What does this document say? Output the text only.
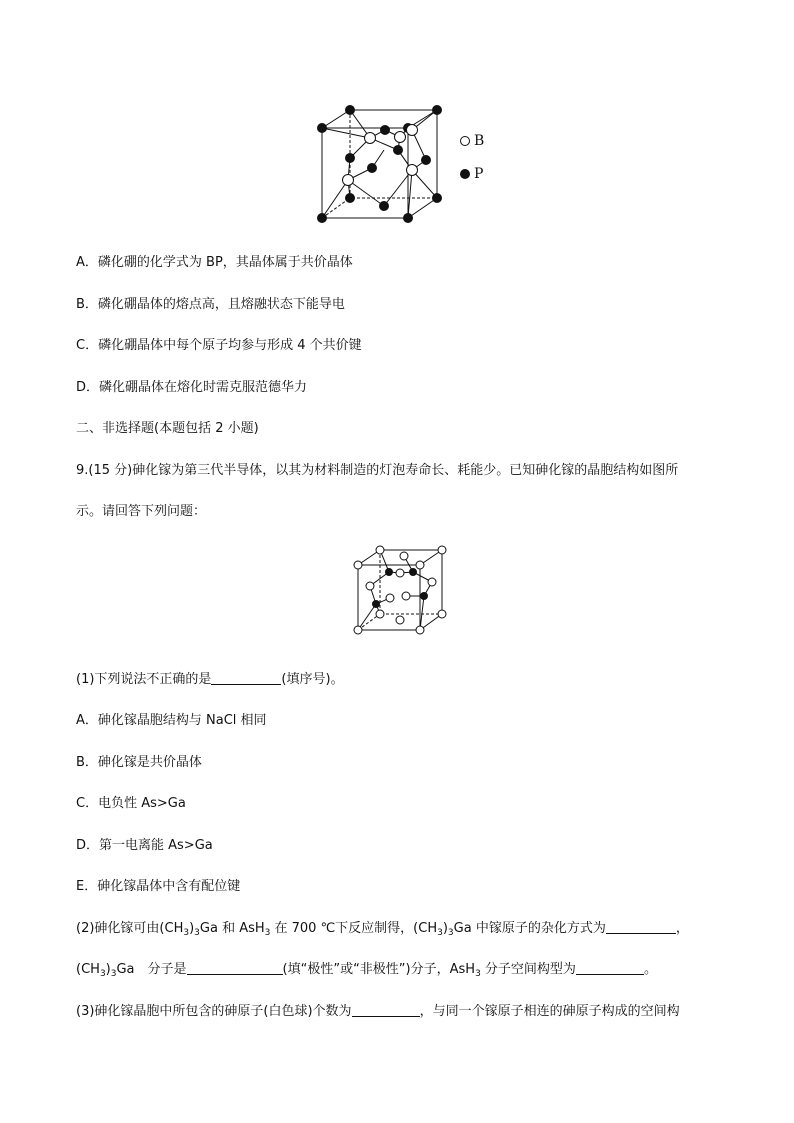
B
P
A．磷化硼的化学式为 BP，其晶体属于共价晶体
B．磷化硼晶体的熔点高，且熔融状态下能导电
C．磷化硼晶体中每个原子均参与形成 4 个共价键
D．磷化硼晶体在熔化时需克服范德华力
二、非选择题(本题包括 2 小题)
9.(15 分)砷化镓为第三代半导体，以其为材料制造的灯泡寿命长、耗能少。已知砷化镓的晶胞结构如图所
示。请回答下列问题：
(1)下列说法不正确的是	(填序号)。
A．砷化镓晶胞结构与 NaCl 相同
B．砷化镓是共价晶体
C．电负性 As>Ga
D．第一电离能 As>Ga
E．砷化镓晶体中含有配位键
(2)砷化镓可由$(CH_3)_3Ga$ 和 AsH$_3$ 在 700 ℃下反应制得，$(CH_3)_3Ga$ 中镓原子的杂化方式为	，
$(CH_3)_3Ga$　分子是	(填“极性”或“非极性”)分子，AsH$_3$ 分子空间构型为	。
(3)砷化镓晶胞中所包含的砷原子(白色球)个数为	，与同一个镓原子相连的砷原子构成的空间构
